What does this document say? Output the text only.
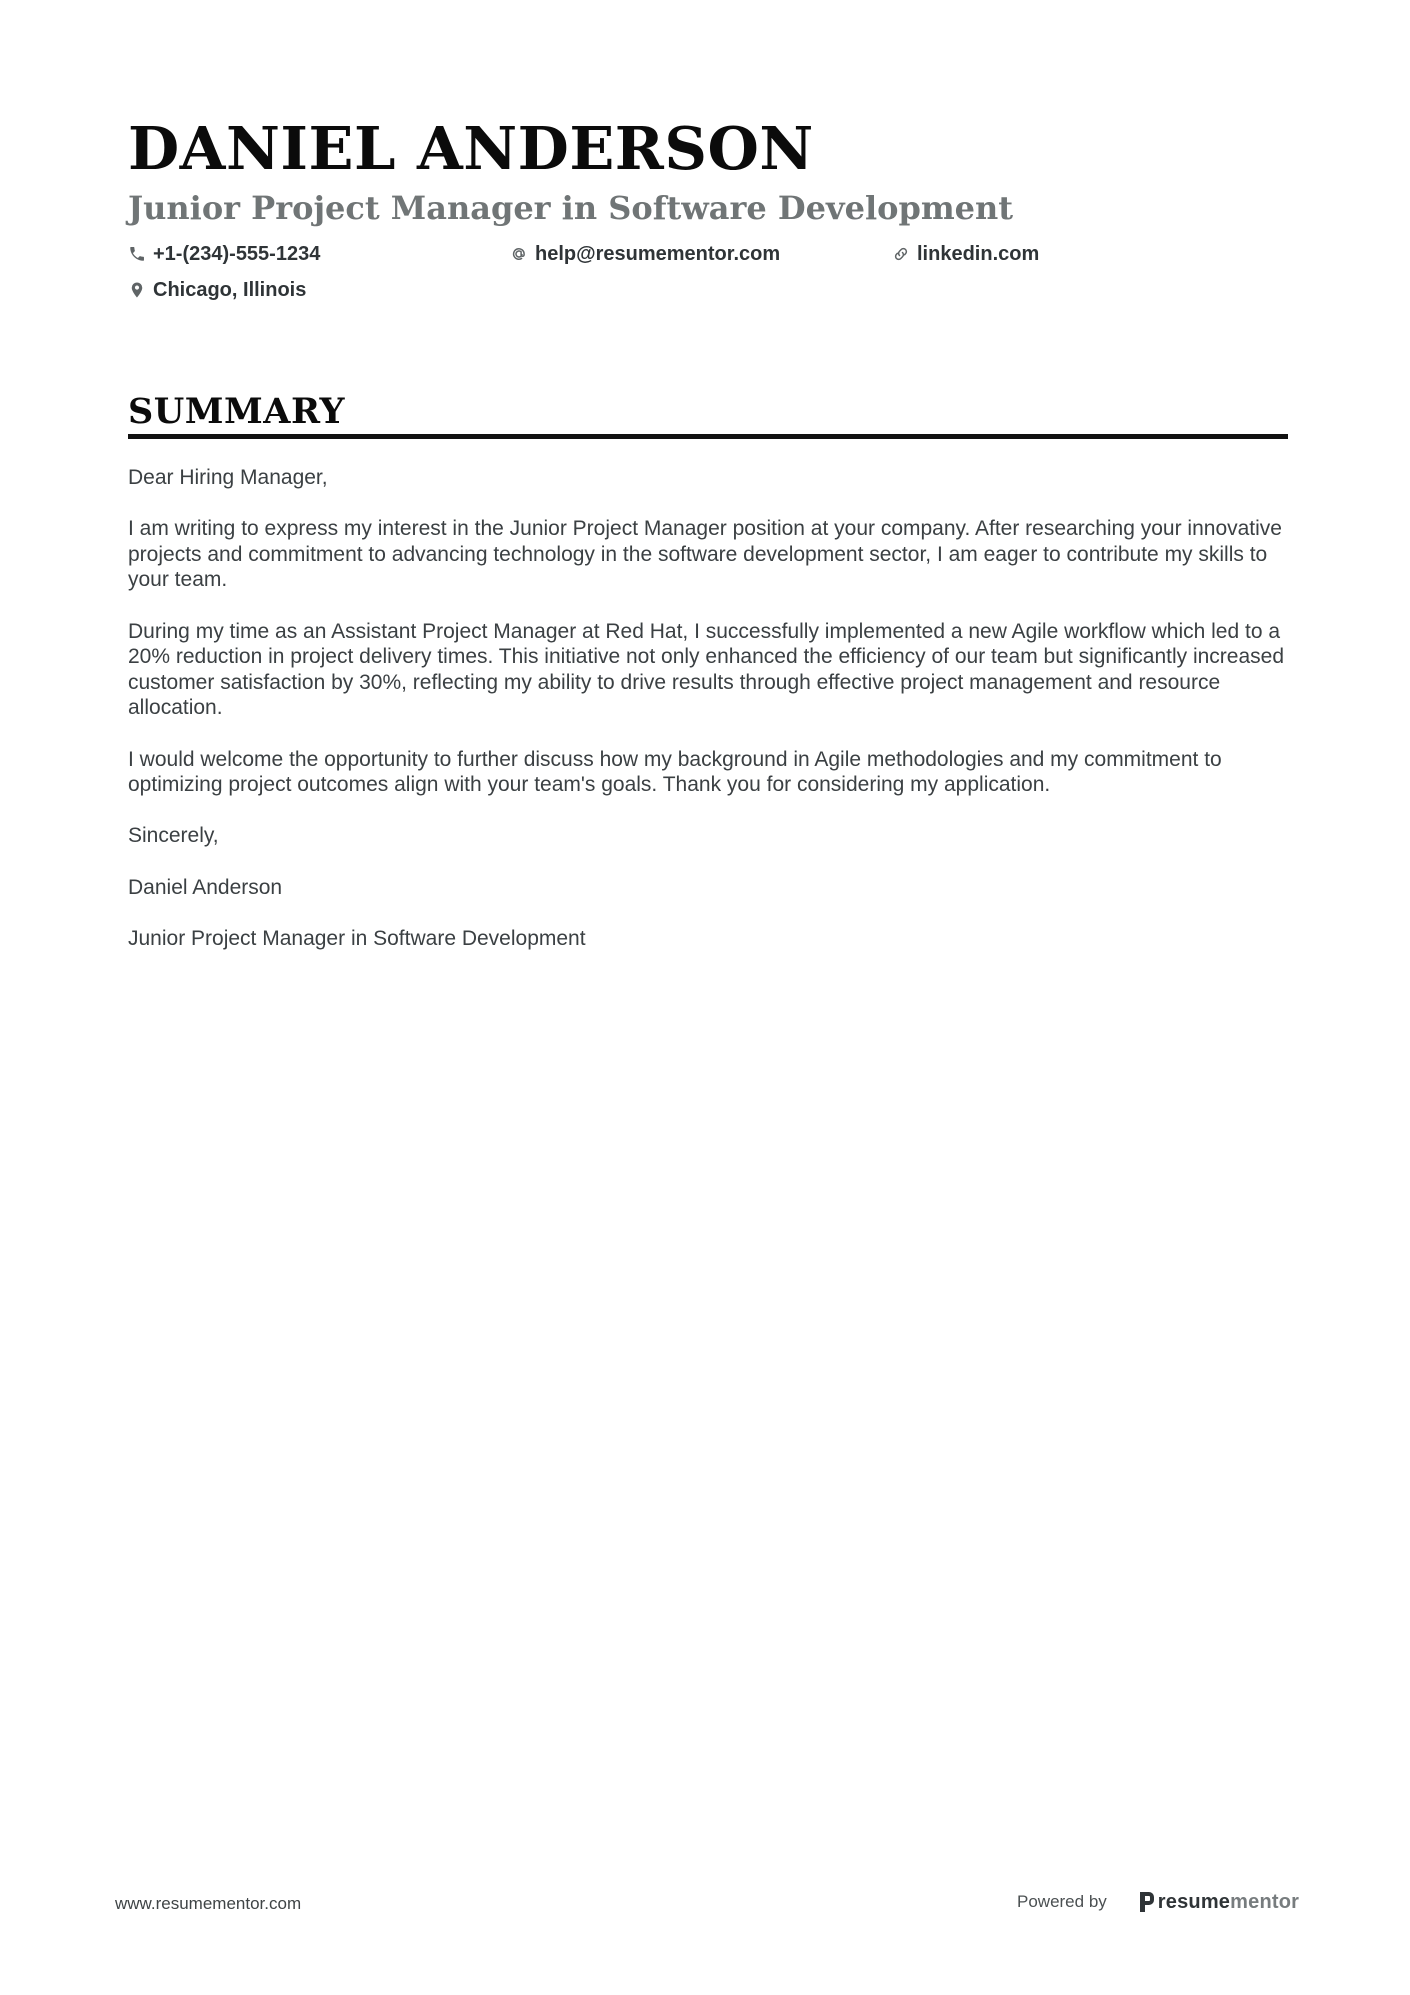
DANIEL ANDERSON
Junior Project Manager in Software Development
+1-(234)-555-1234	help@resumementor.com	linkedin.com
Chicago, Illinois
SUMMARY

Dear Hiring Manager,

I am writing to express my interest in the Junior Project Manager position at your company. After researching your innovative projects and commitment to advancing technology in the software development sector, I am eager to contribute my skills to your team.

During my time as an Assistant Project Manager at Red Hat, I successfully implemented a new Agile workflow which led to a 20% reduction in project delivery times. This initiative not only enhanced the efficiency of our team but significantly increased customer satisfaction by 30%, reflecting my ability to drive results through effective project management and resource allocation.

I would welcome the opportunity to further discuss how my background in Agile methodologies and my commitment to optimizing project outcomes align with your team's goals. Thank you for considering my application.

Sincerely,

Daniel Anderson

Junior Project Manager in Software Development

www.resumementor.com	Powered by	resumementor
